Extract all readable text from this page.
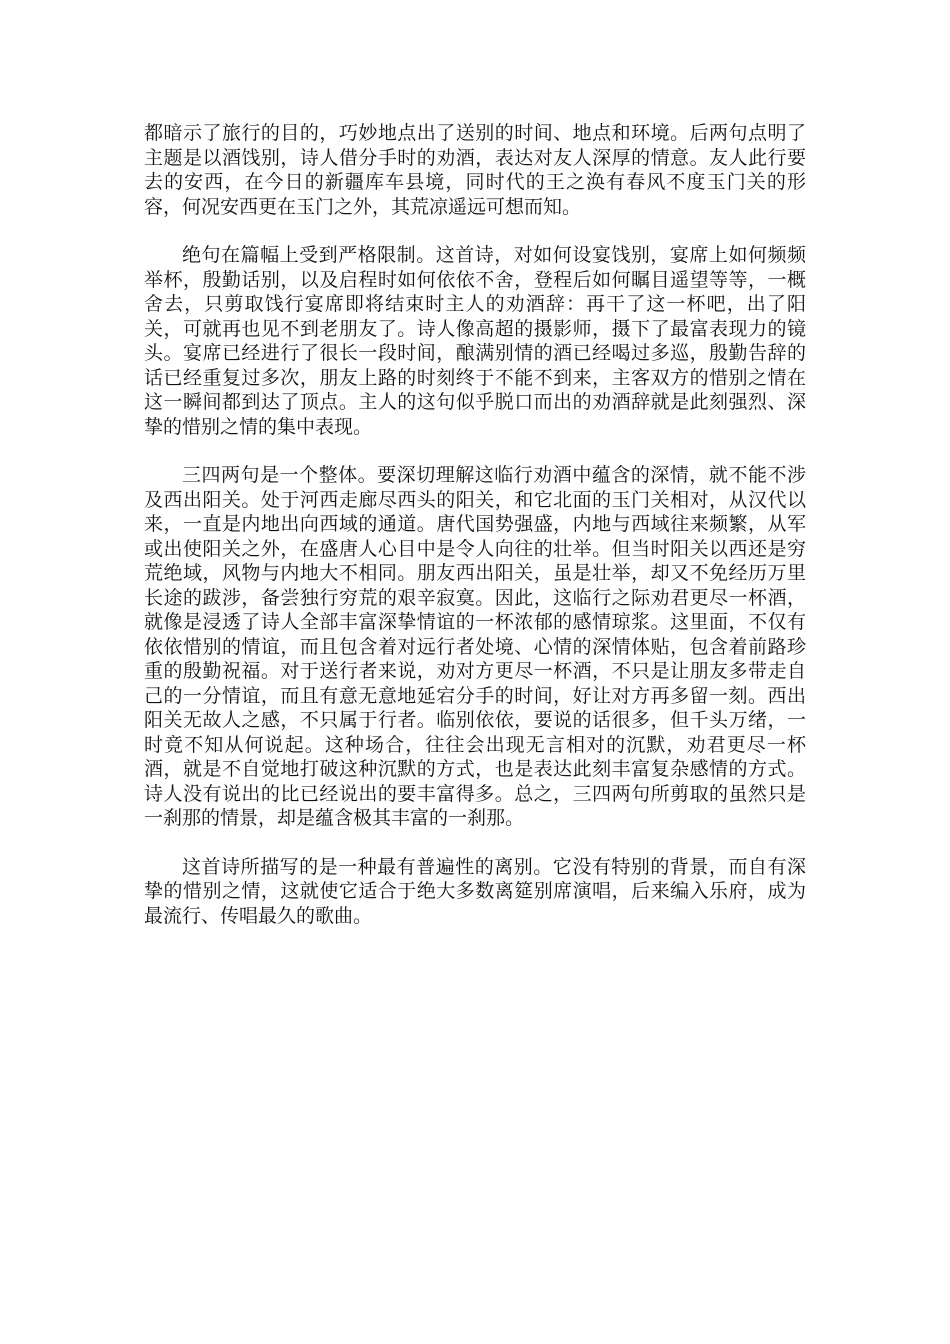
都暗示了旅行的目的，巧妙地点出了送别的时间、地点和环境。后两句点明了主题是以酒饯别，诗人借分手时的劝酒，表达对友人深厚的情意。友人此行要去的安西，在今日的新疆库车县境，同时代的王之涣有春风不度玉门关的形容，何况安西更在玉门之外，其荒凉遥远可想而知。

绝句在篇幅上受到严格限制。这首诗，对如何设宴饯别，宴席上如何频频举杯，殷勤话别，以及启程时如何依依不舍，登程后如何瞩目遥望等等，一概舍去，只剪取饯行宴席即将结束时主人的劝酒辞：再干了这一杯吧，出了阳关，可就再也见不到老朋友了。诗人像高超的摄影师，摄下了最富表现力的镜头。宴席已经进行了很长一段时间，酿满别情的酒已经喝过多巡，殷勤告辞的话已经重复过多次，朋友上路的时刻终于不能不到来，主客双方的惜别之情在这一瞬间都到达了顶点。主人的这句似乎脱口而出的劝酒辞就是此刻强烈、深挚的惜别之情的集中表现。

三四两句是一个整体。要深切理解这临行劝酒中蕴含的深情，就不能不涉及西出阳关。处于河西走廊尽西头的阳关，和它北面的玉门关相对，从汉代以来，一直是内地出向西域的通道。唐代国势强盛，内地与西域往来频繁，从军或出使阳关之外，在盛唐人心目中是令人向往的壮举。但当时阳关以西还是穷荒绝域，风物与内地大不相同。朋友西出阳关，虽是壮举，却又不免经历万里长途的跋涉，备尝独行穷荒的艰辛寂寞。因此，这临行之际劝君更尽一杯酒，就像是浸透了诗人全部丰富深挚情谊的一杯浓郁的感情琼浆。这里面，不仅有依依惜别的情谊，而且包含着对远行者处境、心情的深情体贴，包含着前路珍重的殷勤祝福。对于送行者来说，劝对方更尽一杯酒，不只是让朋友多带走自己的一分情谊，而且有意无意地延宕分手的时间，好让对方再多留一刻。西出阳关无故人之感，不只属于行者。临别依依，要说的话很多，但千头万绪，一时竟不知从何说起。这种场合，往往会出现无言相对的沉默，劝君更尽一杯酒，就是不自觉地打破这种沉默的方式，也是表达此刻丰富复杂感情的方式。诗人没有说出的比已经说出的要丰富得多。总之，三四两句所剪取的虽然只是一刹那的情景，却是蕴含极其丰富的一刹那。

这首诗所描写的是一种最有普遍性的离别。它没有特别的背景，而自有深挚的惜别之情，这就使它适合于绝大多数离筵别席演唱，后来编入乐府，成为最流行、传唱最久的歌曲。
